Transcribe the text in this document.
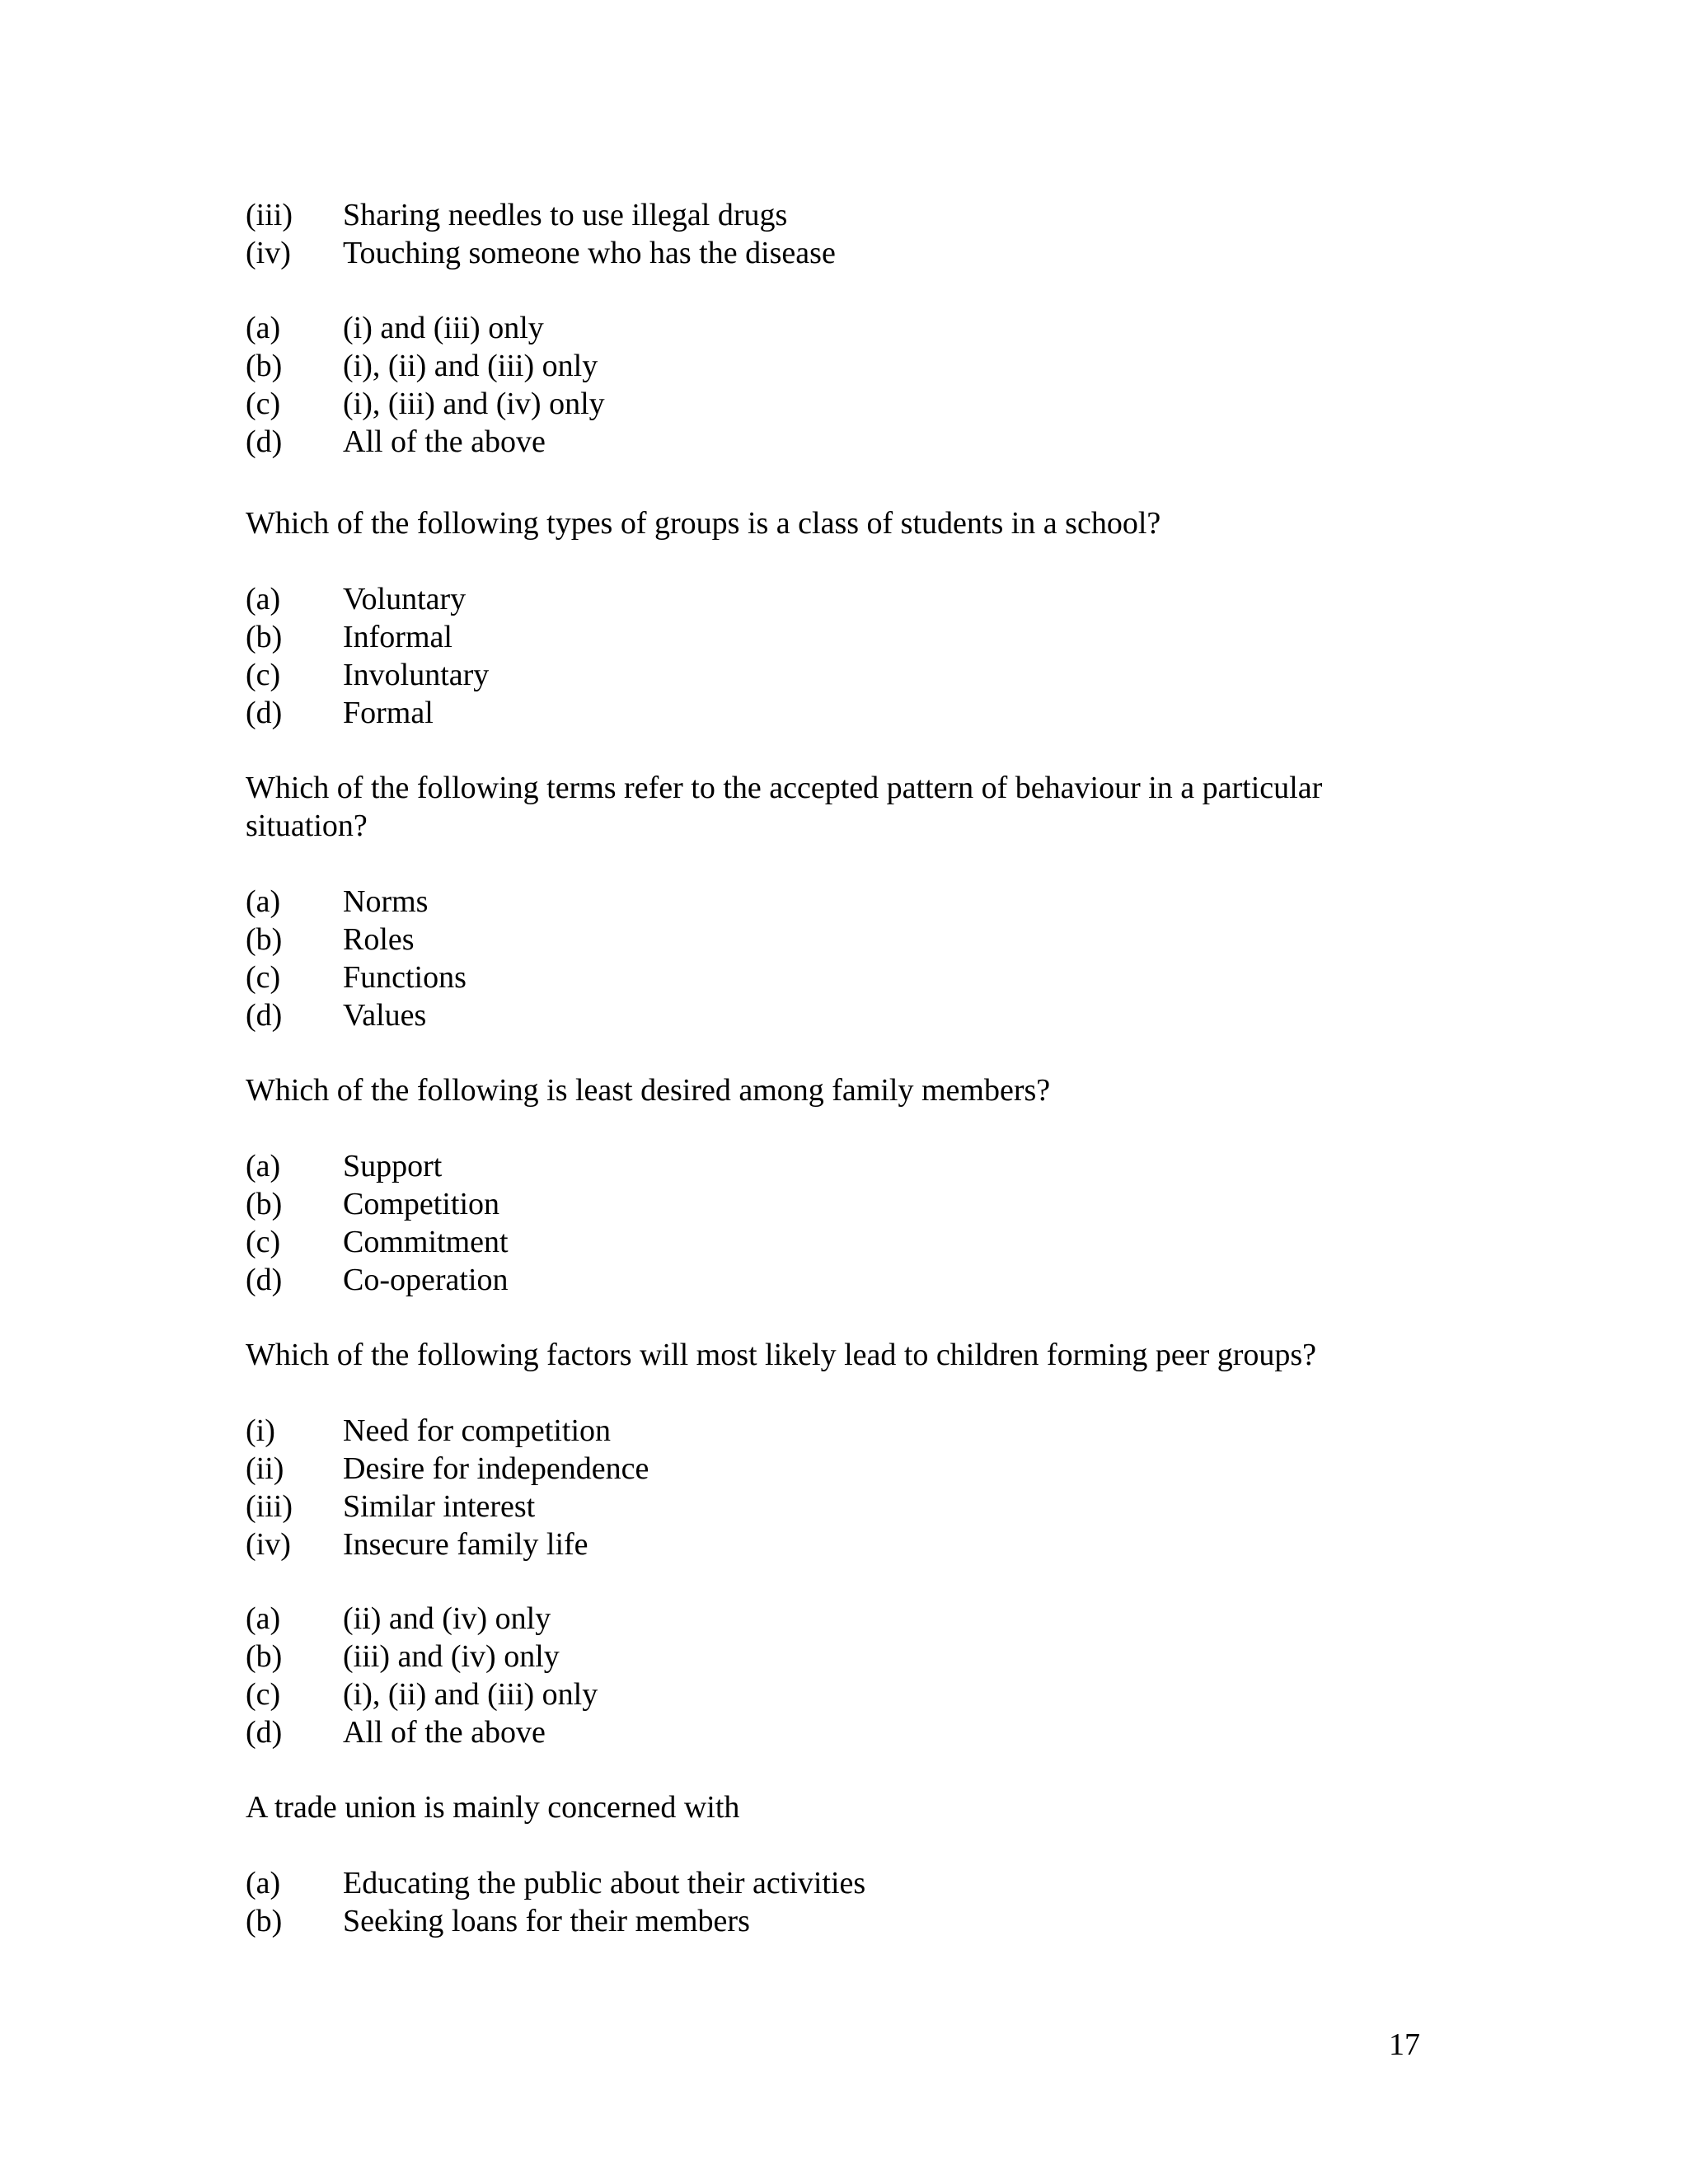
(iii) Sharing needles to use illegal drugs
(iv) Touching someone who has the disease
(a) (i) and (iii) only
(b) (i), (ii) and (iii) only
(c) (i), (iii) and (iv) only
(d) All of the above
Which of the following types of groups is a class of students in a school?
(a) Voluntary
(b) Informal
(c) Involuntary
(d) Formal
Which of the following terms refer to the accepted pattern of behaviour in a particular situation?
(a) Norms
(b) Roles
(c) Functions
(d) Values
Which of the following is least desired among family members?
(a) Support
(b) Competition
(c) Commitment
(d) Co-operation
Which of the following factors will most likely lead to children forming peer groups?
(i) Need for competition
(ii) Desire for independence
(iii) Similar interest
(iv) Insecure family life
(a) (ii) and (iv) only
(b) (iii) and (iv) only
(c) (i), (ii) and (iii) only
(d) All of the above
A trade union is mainly concerned with
(a) Educating the public about their activities
(b) Seeking loans for their members
17
